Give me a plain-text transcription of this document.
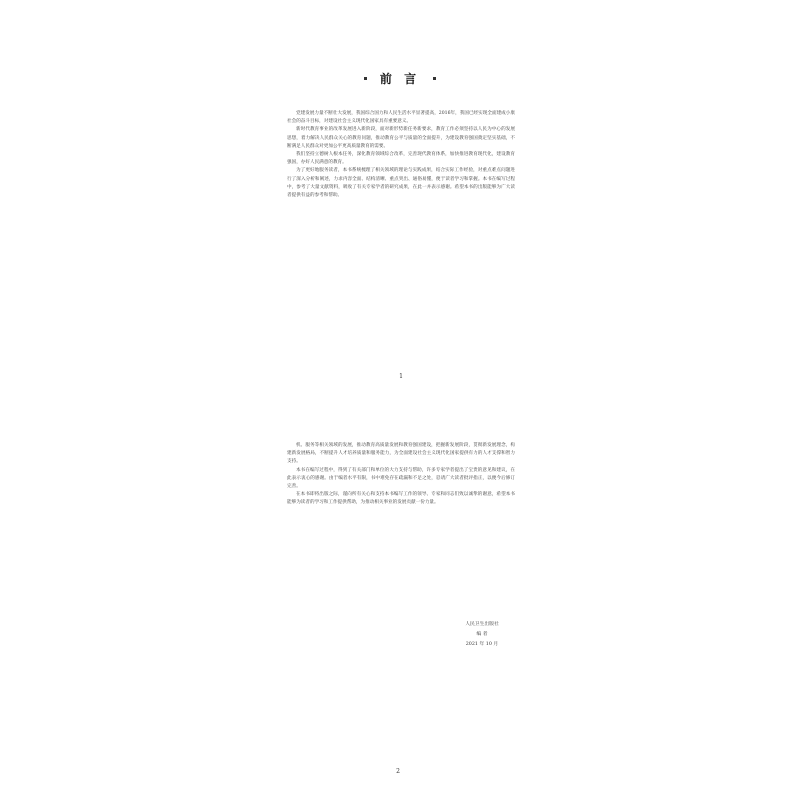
前 言

党建发展力量不断壮大发展，我国综合国力和人民生活水平显著提高，2016年，我国已经实现全面建成小康社会的奋斗目标，对建设社会主义现代化国家具有重要意义。

新时代教育事业的改革发展进入新阶段，面对新形势新任务新要求，教育工作必须坚持以人民为中心的发展思想，着力解决人民群众关心的教育问题，推动教育公平与质量的全面提升，为建设教育强国奠定坚实基础，不断满足人民群众对更加公平更高质量教育的需要。

我们坚持立德树人根本任务，深化教育领域综合改革，完善现代教育体系，加快推进教育现代化，建设教育强国，办好人民满意的教育。

为了更好地服务读者，本书系统梳理了相关领域的理论与实践成果，结合实际工作经验，对重点难点问题进行了深入分析和阐述，力求内容全面、结构清晰、重点突出、通俗易懂，便于读者学习和掌握。本书在编写过程中，参考了大量文献资料，吸收了有关专家学者的研究成果，在此一并表示感谢。希望本书的出版能够为广大读者提供有益的参考和帮助。

1

机、服务等相关领域的发展，推动教育高质量发展和教育强国建设，把握新发展阶段，贯彻新发展理念，构建新发展格局，不断提升人才培养质量和服务能力，为全面建设社会主义现代化国家提供有力的人才支撑和智力支持。

本书在编写过程中，得到了有关部门和单位的大力支持与帮助，许多专家学者提出了宝贵的意见和建议，在此表示衷心的感谢。由于编者水平有限，书中难免存在疏漏和不足之处，恳请广大读者批评指正，以便今后修订完善。

在本书即将出版之际，谨向所有关心和支持本书编写工作的领导、专家和同志们致以诚挚的谢意，希望本书能够为读者的学习和工作提供帮助，为推动相关事业的发展贡献一份力量。

人民卫生出版社
编 者
2021 年 10 月
2
